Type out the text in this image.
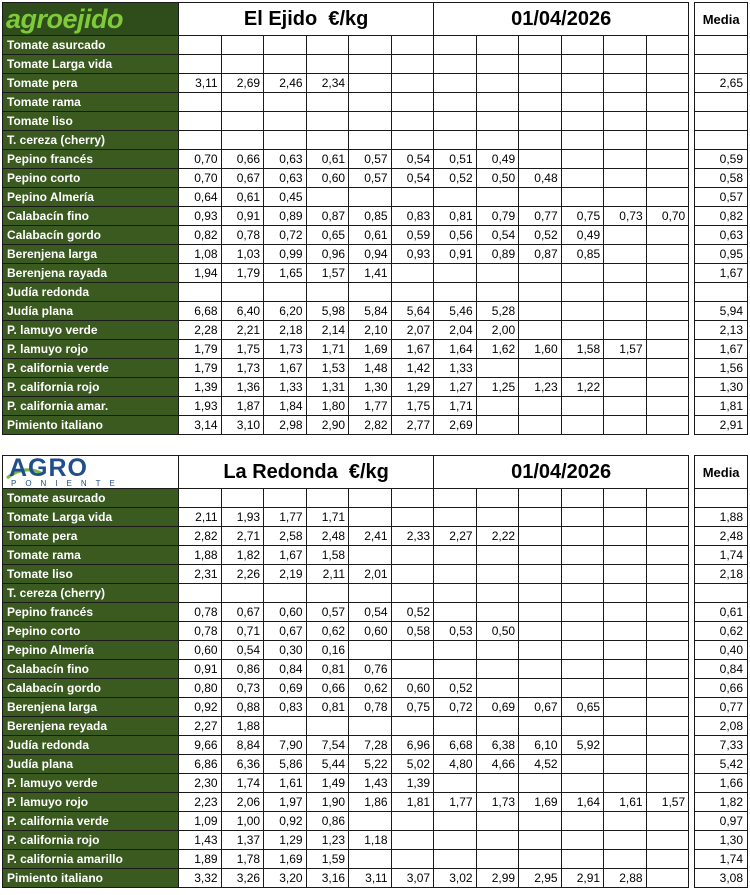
agroejido	El Ejido  €/kg						01/04/2026							Media
Tomate asurcado														
Tomate Larga vida														
Tomate pera	3,11	2,69	2,46	2,34										2,65
Tomate rama														
Tomate liso														
T. cereza (cherry)														
Pepino francés	0,70	0,66	0,63	0,61	0,57	0,54	0,51	0,49						0,59
Pepino corto	0,70	0,67	0,63	0,60	0,57	0,54	0,52	0,50	0,48					0,58
Pepino Almería	0,64	0,61	0,45											0,57
Calabacín fino	0,93	0,91	0,89	0,87	0,85	0,83	0,81	0,79	0,77	0,75	0,73	0,70		0,82
Calabacín gordo	0,82	0,78	0,72	0,65	0,61	0,59	0,56	0,54	0,52	0,49				0,63
Berenjena larga	1,08	1,03	0,99	0,96	0,94	0,93	0,91	0,89	0,87	0,85				0,95
Berenjena rayada	1,94	1,79	1,65	1,57	1,41									1,67
Judía redonda														
Judía plana	6,68	6,40	6,20	5,98	5,84	5,64	5,46	5,28						5,94
P. lamuyo verde	2,28	2,21	2,18	2,14	2,10	2,07	2,04	2,00						2,13
P. lamuyo rojo	1,79	1,75	1,73	1,71	1,69	1,67	1,64	1,62	1,60	1,58	1,57			1,67
P. california verde	1,79	1,73	1,67	1,53	1,48	1,42	1,33							1,56
P. california rojo	1,39	1,36	1,33	1,31	1,30	1,29	1,27	1,25	1,23	1,22				1,30
P. california amar.	1,93	1,87	1,84	1,80	1,77	1,75	1,71							1,81
Pimiento italiano	3,14	3,10	2,98	2,90	2,82	2,77	2,69							2,91
AGRO
PONIENTE	La Redonda  €/kg						01/04/2026							Media
Tomate asurcado														
Tomate Larga vida	2,11	1,93	1,77	1,71										1,88
Tomate pera	2,82	2,71	2,58	2,48	2,41	2,33	2,27	2,22						2,48
Tomate rama	1,88	1,82	1,67	1,58										1,74
Tomate liso	2,31	2,26	2,19	2,11	2,01									2,18
T. cereza (cherry)														
Pepino francés	0,78	0,67	0,60	0,57	0,54	0,52								0,61
Pepino corto	0,78	0,71	0,67	0,62	0,60	0,58	0,53	0,50						0,62
Pepino Almería	0,60	0,54	0,30	0,16										0,40
Calabacín fino	0,91	0,86	0,84	0,81	0,76									0,84
Calabacín gordo	0,80	0,73	0,69	0,66	0,62	0,60	0,52							0,66
Berenjena larga	0,92	0,88	0,83	0,81	0,78	0,75	0,72	0,69	0,67	0,65				0,77
Berenjena reyada	2,27	1,88												2,08
Judía redonda	9,66	8,84	7,90	7,54	7,28	6,96	6,68	6,38	6,10	5,92				7,33
Judía plana	6,86	6,36	5,86	5,44	5,22	5,02	4,80	4,66	4,52					5,42
P. lamuyo verde	2,30	1,74	1,61	1,49	1,43	1,39								1,66
P. lamuyo rojo	2,23	2,06	1,97	1,90	1,86	1,81	1,77	1,73	1,69	1,64	1,61	1,57		1,82
P. california verde	1,09	1,00	0,92	0,86										0,97
P. california rojo	1,43	1,37	1,29	1,23	1,18									1,30
P. california amarillo	1,89	1,78	1,69	1,59										1,74
Pimiento italiano	3,32	3,26	3,20	3,16	3,11	3,07	3,02	2,99	2,95	2,91	2,88			3,08
